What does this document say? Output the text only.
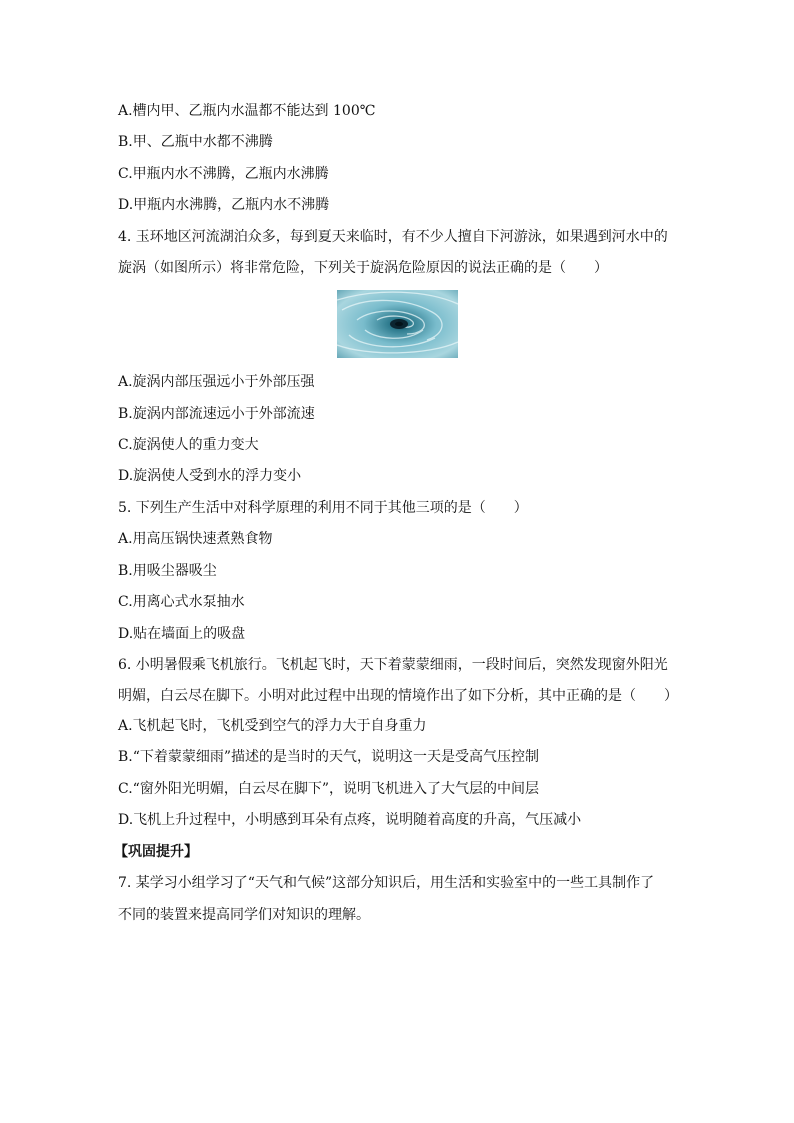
A.槽内甲、乙瓶内水温都不能达到 100℃
B.甲、乙瓶中水都不沸腾
C.甲瓶内水不沸腾，乙瓶内水沸腾
D.甲瓶内水沸腾，乙瓶内水不沸腾
4. 玉环地区河流湖泊众多，每到夏天来临时，有不少人擅自下河游泳，如果遇到河水中的
旋涡（如图所示）将非常危险，下列关于旋涡危险原因的说法正确的是（　　）
A.旋涡内部压强远小于外部压强
B.旋涡内部流速远小于外部流速
C.旋涡使人的重力变大
D.旋涡使人受到水的浮力变小
5. 下列生产生活中对科学原理的利用不同于其他三项的是（　　）
A.用高压锅快速煮熟食物
B.用吸尘器吸尘
C.用离心式水泵抽水
D.贴在墙面上的吸盘
6. 小明暑假乘飞机旅行。飞机起飞时，天下着蒙蒙细雨，一段时间后，突然发现窗外阳光
明媚，白云尽在脚下。小明对此过程中出现的情境作出了如下分析，其中正确的是（　　）
A.飞机起飞时，飞机受到空气的浮力大于自身重力
B.“下着蒙蒙细雨”描述的是当时的天气，说明这一天是受高气压控制
C.“窗外阳光明媚，白云尽在脚下”，说明飞机进入了大气层的中间层
D.飞机上升过程中，小明感到耳朵有点疼，说明随着高度的升高，气压减小
【巩固提升】
7. 某学习小组学习了“天气和气候”这部分知识后，用生活和实验室中的一些工具制作了
不同的装置来提高同学们对知识的理解。
